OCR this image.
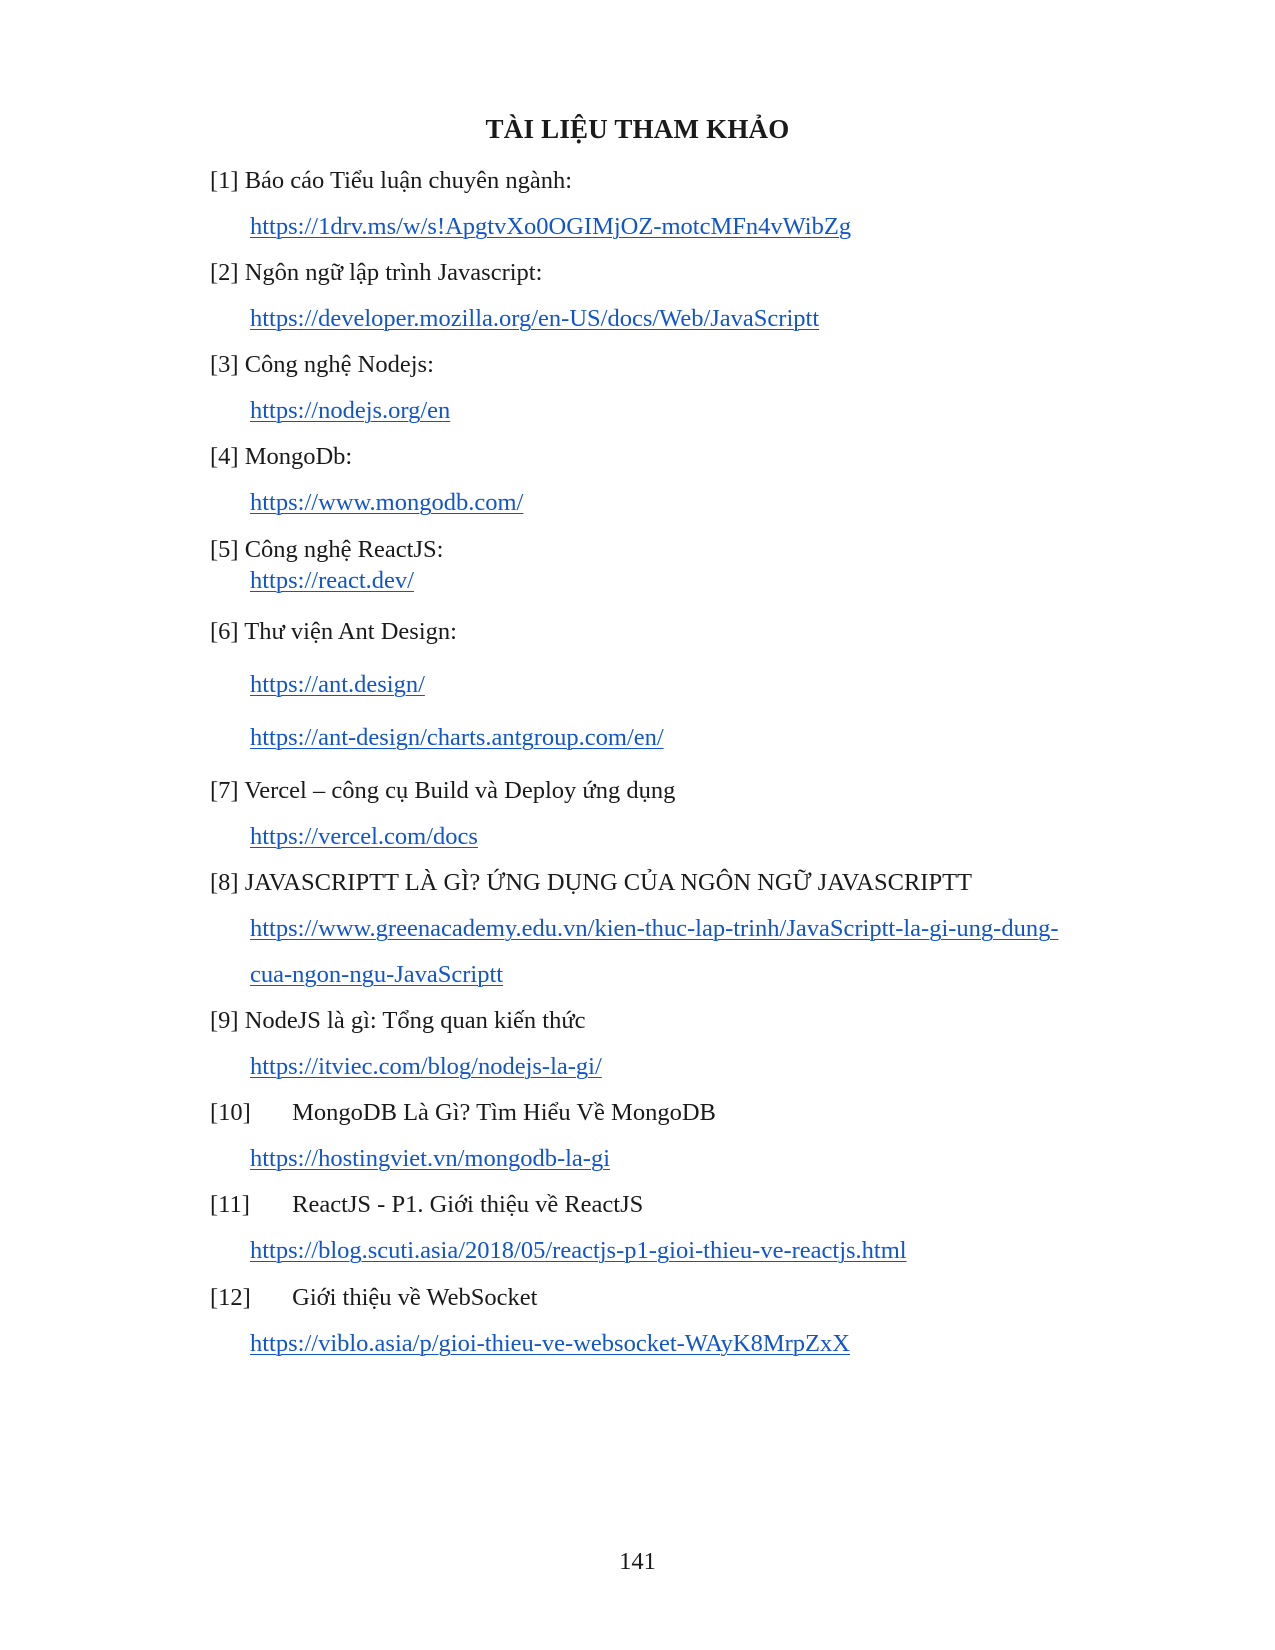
TÀI LIỆU THAM KHẢO
[1] Báo cáo Tiểu luận chuyên ngành:
https://1drv.ms/w/s!ApgtvXo0OGIMjOZ-motcMFn4vWibZg
[2] Ngôn ngữ lập trình Javascript:
https://developer.mozilla.org/en-US/docs/Web/JavaScriptt
[3] Công nghệ Nodejs:
https://nodejs.org/en
[4] MongoDb:
https://www.mongodb.com/
[5] Công nghệ ReactJS:
https://react.dev/
[6] Thư viện Ant Design:
https://ant.design/
https://ant-design/charts.antgroup.com/en/
[7] Vercel – công cụ Build và Deploy ứng dụng
https://vercel.com/docs
[8] JAVASCRIPTT LÀ GÌ? ỨNG DỤNG CỦA NGÔN NGỮ JAVASCRIPTT
https://www.greenacademy.edu.vn/kien-thuc-lap-trinh/JavaScriptt-la-gi-ung-dung-
cua-ngon-ngu-JavaScriptt
[9] NodeJS là gì: Tổng quan kiến thức
https://itviec.com/blog/nodejs-la-gi/
[10] MongoDB Là Gì? Tìm Hiểu Về MongoDB
https://hostingviet.vn/mongodb-la-gi
[11] ReactJS - P1. Giới thiệu về ReactJS
https://blog.scuti.asia/2018/05/reactjs-p1-gioi-thieu-ve-reactjs.html
[12] Giới thiệu về WebSocket
https://viblo.asia/p/gioi-thieu-ve-websocket-WAyK8MrpZxX
141
